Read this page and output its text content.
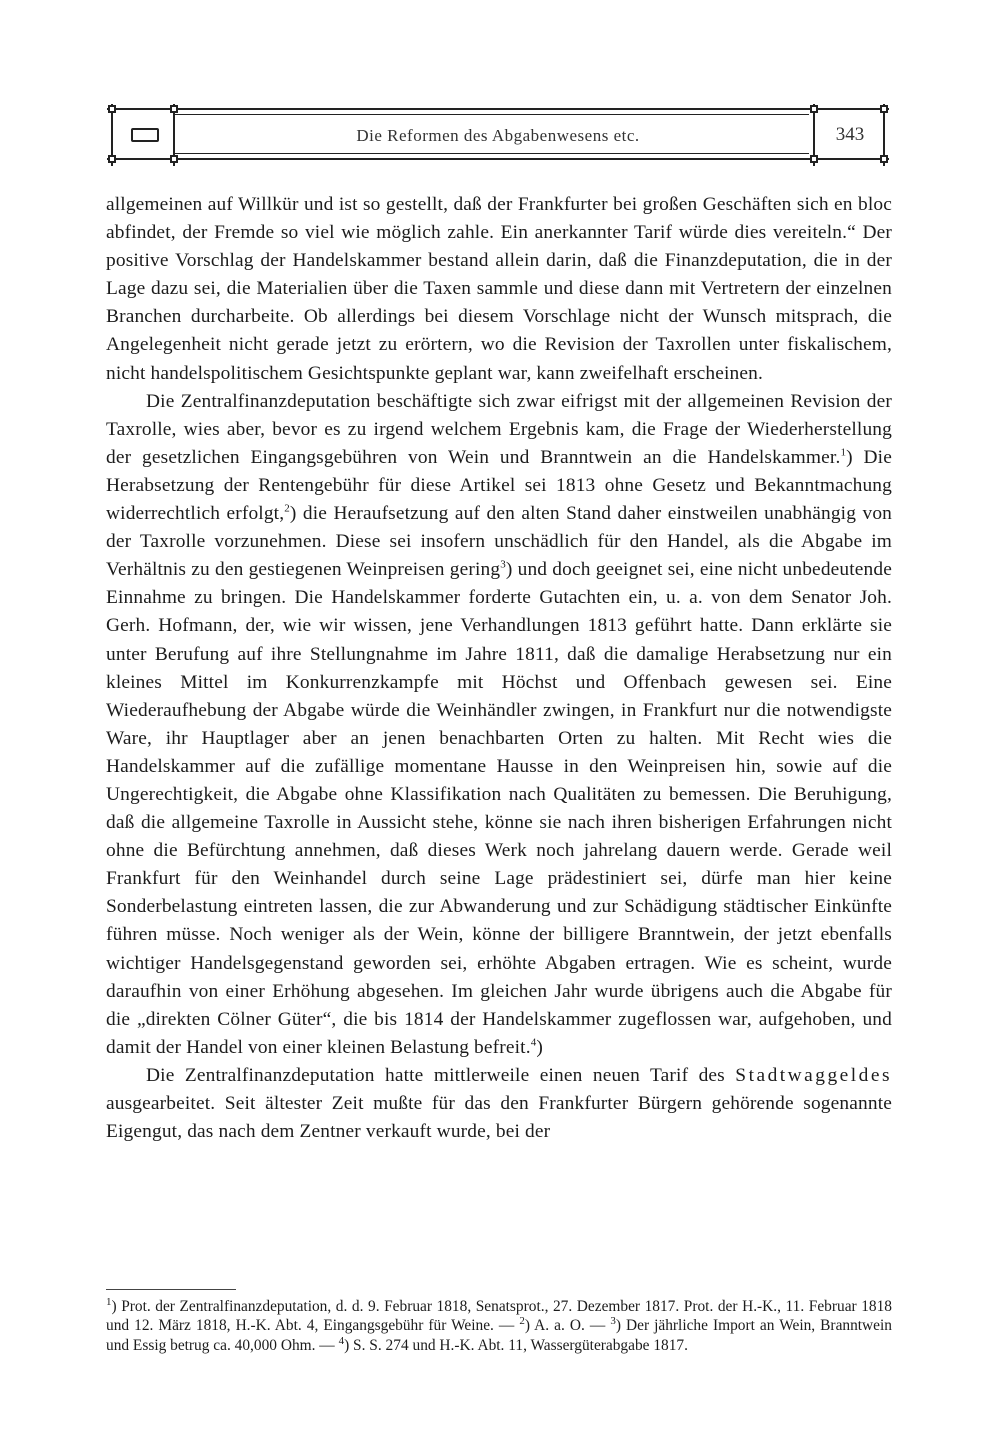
Die Reformen des Abgabenwesens etc.	343

allgemeinen auf Willkür und ist so gestellt, daß der Frankfurter bei großen Geschäften sich en bloc abfindet, der Fremde so viel wie möglich zahle. Ein anerkannter Tarif würde dies vereiteln.“ Der positive Vorschlag der Handelskammer bestand allein darin, daß die Finanzdeputation, die in der Lage dazu sei, die Materialien über die Taxen sammle und diese dann mit Vertretern der einzelnen Branchen durcharbeite. Ob allerdings bei diesem Vorschlage nicht der Wunsch mitsprach, die Angelegenheit nicht gerade jetzt zu erörtern, wo die Revision der Taxrollen unter fiskalischem, nicht handelspolitischem Gesichtspunkte geplant war, kann zweifelhaft erscheinen.

Die Zentralfinanzdeputation beschäftigte sich zwar eifrigst mit der allgemeinen Revision der Taxrolle, wies aber, bevor es zu irgend welchem Ergebnis kam, die Frage der Wiederherstellung der gesetzlichen Eingangsgebühren von Wein und Branntwein an die Handelskammer.$^1$) Die Herabsetzung der Rentengebühr für diese Artikel sei 1813 ohne Gesetz und Bekanntmachung widerrechtlich erfolgt,$^2$) die Heraufsetzung auf den alten Stand daher einstweilen unabhängig von der Taxrolle vorzunehmen. Diese sei insofern unschädlich für den Handel, als die Abgabe im Verhältnis zu den gestiegenen Weinpreisen gering$^3$) und doch geeignet sei, eine nicht unbedeutende Einnahme zu bringen. Die Handelskammer forderte Gutachten ein, u. a. von dem Senator Joh. Gerh. Hofmann, der, wie wir wissen, jene Verhandlungen 1813 geführt hatte. Dann erklärte sie unter Berufung auf ihre Stellungnahme im Jahre 1811, daß die damalige Herabsetzung nur ein kleines Mittel im Konkurrenzkampfe mit Höchst und Offenbach gewesen sei. Eine Wiederaufhebung der Abgabe würde die Weinhändler zwingen, in Frankfurt nur die notwendigste Ware, ihr Hauptlager aber an jenen benachbarten Orten zu halten. Mit Recht wies die Handelskammer auf die zufällige momentane Hausse in den Weinpreisen hin, sowie auf die Ungerechtigkeit, die Abgabe ohne Klassifikation nach Qualitäten zu bemessen. Die Beruhigung, daß die allgemeine Taxrolle in Aussicht stehe, könne sie nach ihren bisherigen Erfahrungen nicht ohne die Befürchtung annehmen, daß dieses Werk noch jahrelang dauern werde. Gerade weil Frankfurt für den Weinhandel durch seine Lage prädestiniert sei, dürfe man hier keine Sonderbelastung eintreten lassen, die zur Abwanderung und zur Schädigung städtischer Einkünfte führen müsse. Noch weniger als der Wein, könne der billigere Branntwein, der jetzt ebenfalls wichtiger Handelsgegenstand geworden sei, erhöhte Abgaben ertragen. Wie es scheint, wurde daraufhin von einer Erhöhung abgesehen. Im gleichen Jahr wurde übrigens auch die Abgabe für die „direkten Cölner Güter“, die bis 1814 der Handelskammer zugeflossen war, aufgehoben, und damit der Handel von einer kleinen Belastung befreit.$^4$)

Die Zentralfinanzdeputation hatte mittlerweile einen neuen Tarif des Stadtwaggeldes ausgearbeitet. Seit ältester Zeit mußte für das den Frankfurter Bürgern gehörende sogenannte Eigengut, das nach dem Zentner verkauft wurde, bei der

$^1$) Prot. der Zentralfinanzdeputation, d. d. 9. Februar 1818, Senatsprot., 27. Dezember 1817. Prot. der H.-K., 11. Februar 1818 und 12. März 1818, H.-K. Abt. 4, Eingangsgebühr für Weine. — $^2$) A. a. O. — $^3$) Der jährliche Import an Wein, Branntwein und Essig betrug ca. 40,000 Ohm. — $^4$) S. S. 274 und H.-K. Abt. 11, Wassergüterabgabe 1817.
